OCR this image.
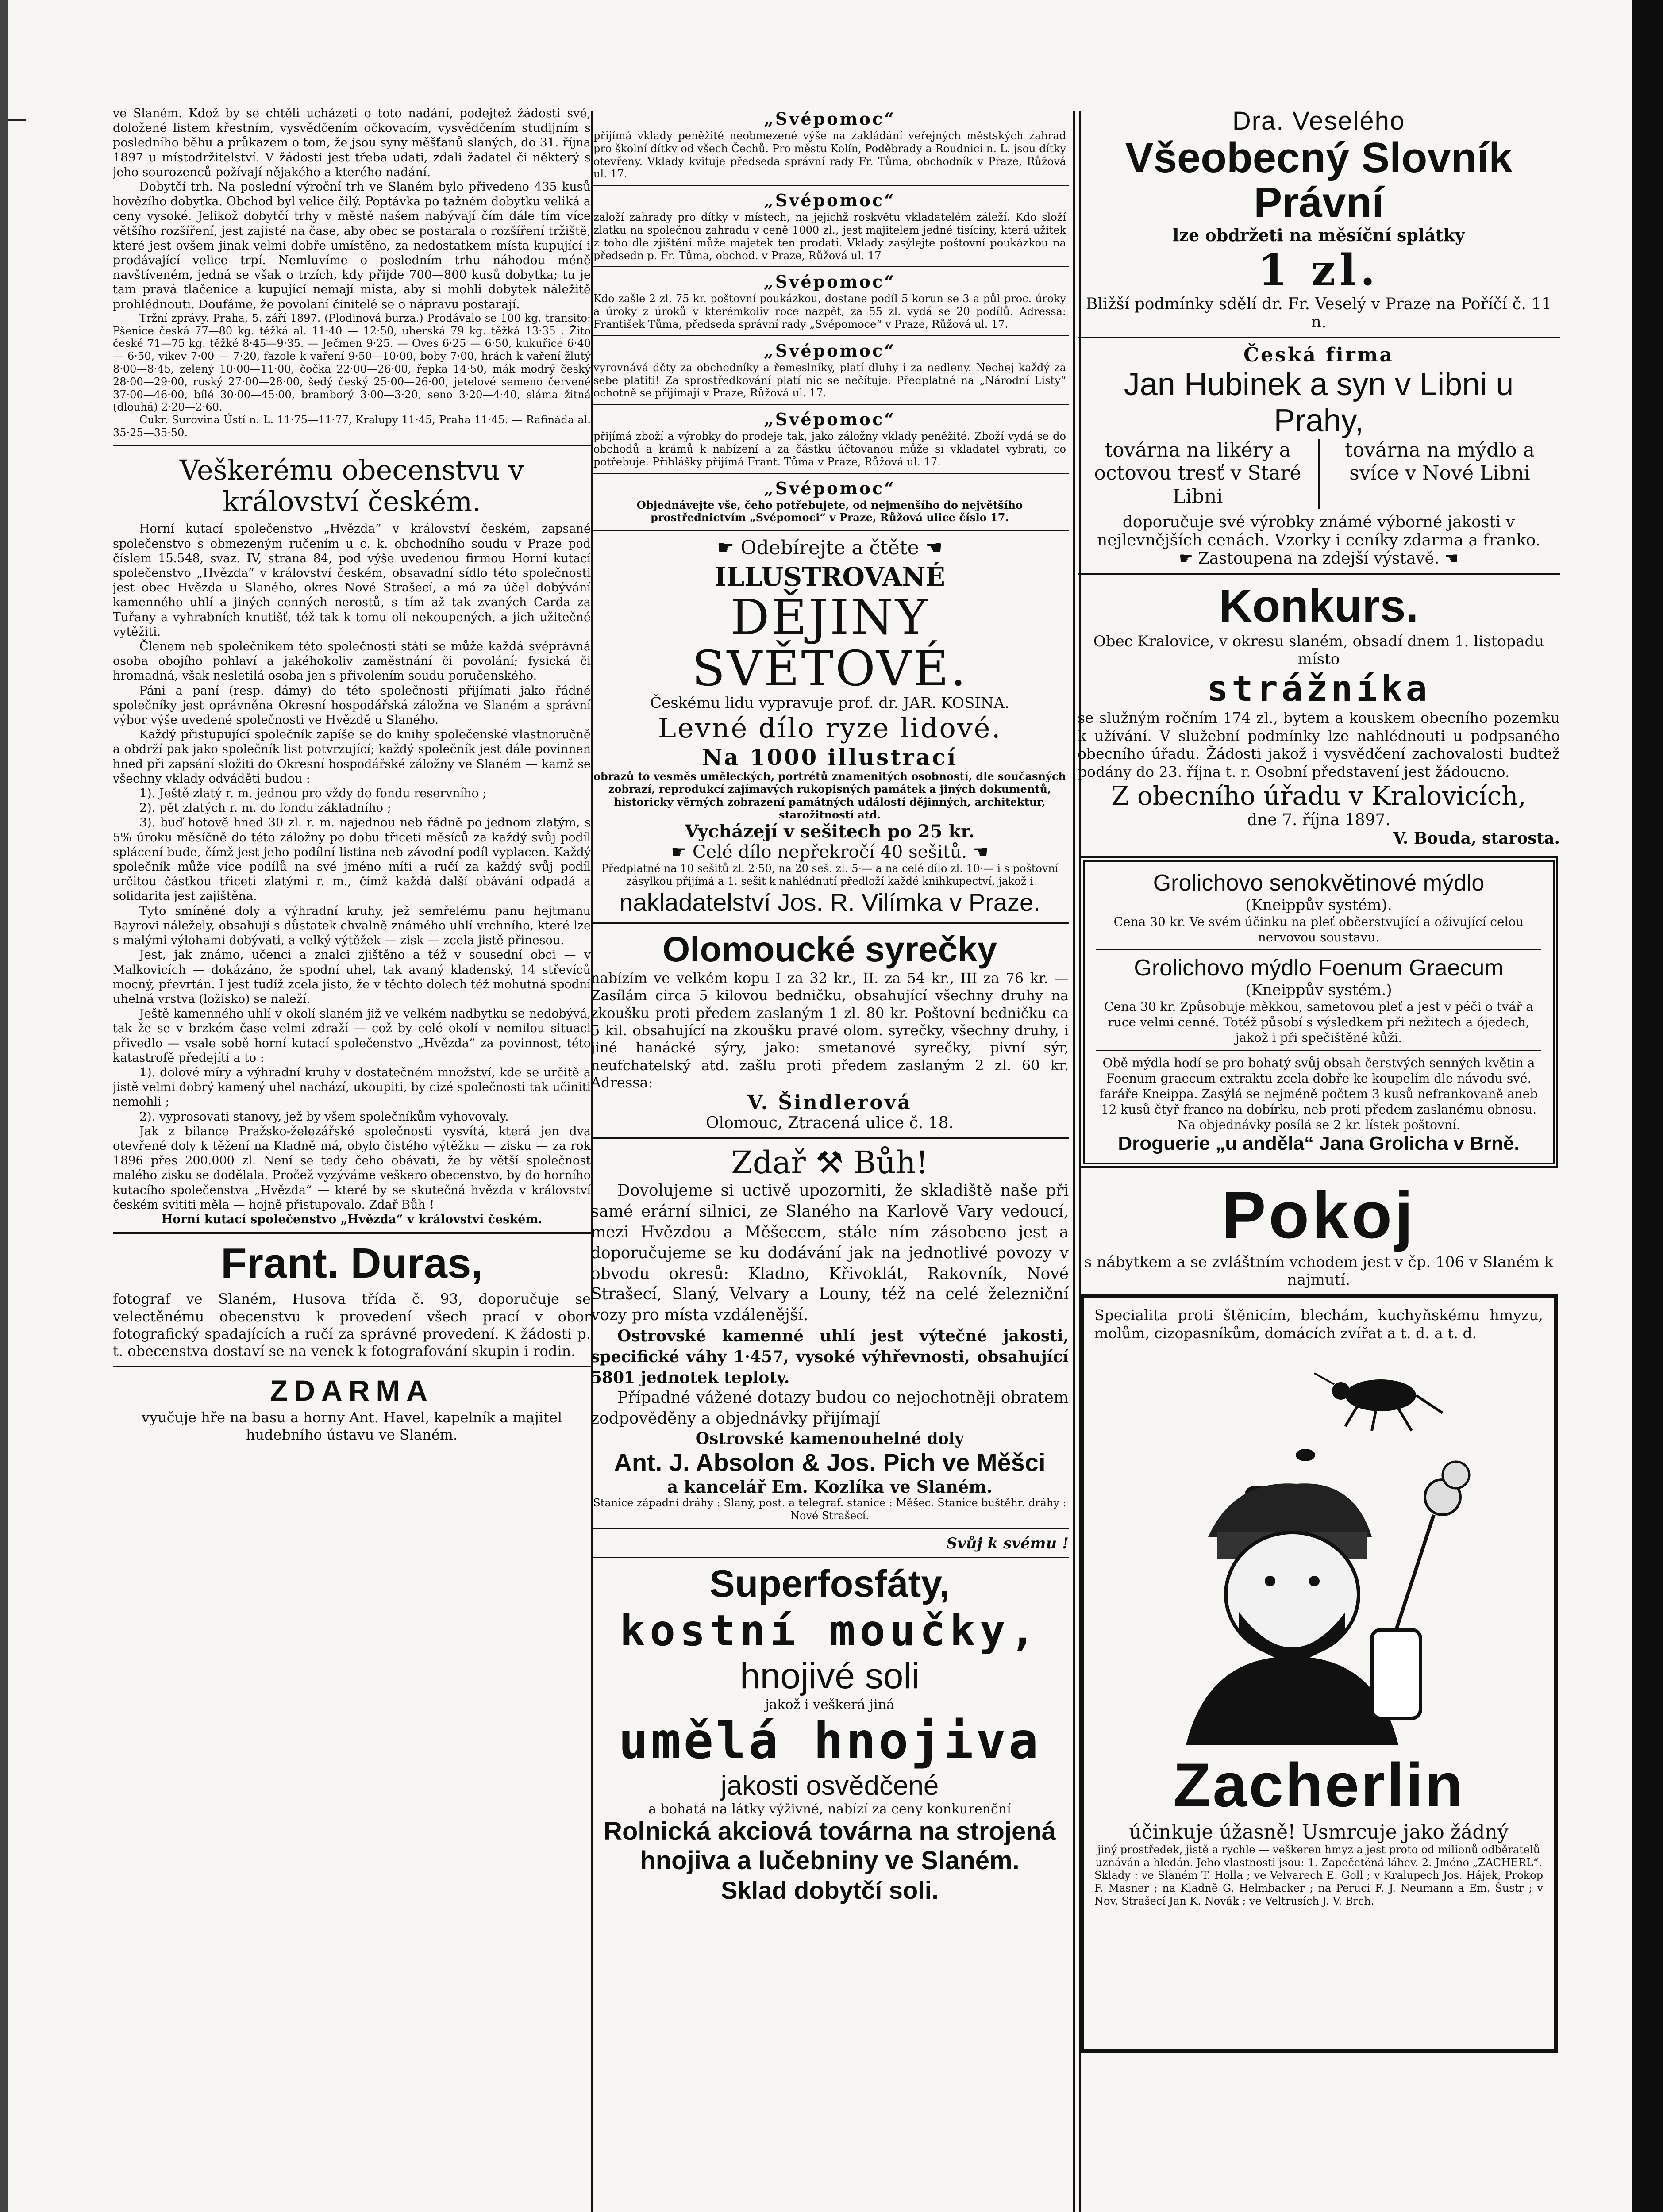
ve Slaném. Kdož by se chtěli ucházeti o toto nadání, podejtež žádosti své, doložené listem křestním, vysvědčením očkovacím, vysvědčením studijním s posledního běhu a průkazem o tom, že jsou syny měšťanů slaných, do 31. října 1897 u místodržitelství. V žádosti jest třeba udati, zdali žadatel či některý s jeho sourozenců požívají nějakého a kterého nadání.

Dobytčí trh. Na poslední výroční trh ve Slaném bylo přivedeno 435 kusů hovězího dobytka. Obchod byl velice čilý. Poptávka po tažném dobytku veliká a ceny vysoké. Jelikož dobytčí trhy v městě našem nabývají čím dále tím více většího rozšíření, jest zajisté na čase, aby obec se postarala o rozšíření tržiště, které jest ovšem jinak velmi dobře umístěno, za nedostatkem místa kupující i prodávající velice trpí. Nemluvíme o posledním trhu náhodou méně navštíveném, jedná se však o trzích, kdy přijde 700—800 kusů dobytka; tu je tam pravá tlačenice a kupující nemají místa, aby si mohli dobytek náležitě prohlédnouti. Doufáme, že povolaní činitelé se o nápravu postarají.

Tržní zprávy. Praha, 5. září 1897. (Plodinová burza.) Prodávalo se 100 kg. transito: Pšenice česká 77—80 kg. těžká al. 11·40 — 12·50, uherská 79 kg. těžká 13·35 . Žito české 71—75 kg. těžké 8·45—9·35. — Ječmen 9·25. — Oves 6·25 — 6·50, kukuřice 6·40 — 6·50, vikev 7·00 — 7·20, fazole k vaření 9·50—10·00, boby 7·00, hrách k vaření žlutý 8·00—8·45, zelený 10·00—11·00, čočka 22·00—26·00, řepka 14·50, mák modrý český 28·00—29·00, ruský 27·00—28·00, šedý český 25·00—26·00, jetelové semeno červené 37·00—46·00, bílé 30·00—45·00, bramborý 3·00—3·20, seno 3·20—4·40, sláma žitná (dlouhá) 2·20—2·60.

Cukr. Surovina Ústí n. L. 11·75—11·77, Kralupy 11·45, Praha 11·45. — Rafináda al. 35·25—35·50.

Veškerému obecenstvu v království českém.

Horní kutací společenstvo „Hvězda“ v království českém, zapsané společenstvo s obmezeným ručením u c. k. obchodního soudu v Praze pod číslem 15.548, svaz. IV, strana 84, pod výše uvedenou firmou Horní kutací společenstvo „Hvězda“ v království českém, obsavadní sídlo této společnosti jest obec Hvězda u Slaného, okres Nové Strašecí, a má za účel dobývání kamenného uhlí a jiných cenných nerostů, s tím až tak zvaných Carda za Tuřany a vyhrabních knutišť, též tak k tomu oli nekoupených, a jich užitečné vytěžiti.

Členem neb společníkem této společnosti státi se může každá svéprávná osoba obojího pohlaví a jakéhokoliv zaměstnání či povolání; fysická či hromadná, však nesletilá osoba jen s přivolením soudu poručenského.

Páni a paní (resp. dámy) do této společnosti přijímati jako řádné společníky jest oprávněna Okresní hospodářská záložna ve Slaném a správní výbor výše uvedené společnosti ve Hvězdě u Slaného.

Každý přistupující společník zapíše se do knihy společenské vlastnoručně a obdrží pak jako společník list potvrzující; každý společník jest dále povinnen hned při zapsání složiti do Okresní hospodářské záložny ve Slaném — kamž se všechny vklady odváděti budou :

1). Ještě zlatý r. m. jednou pro vždy do fondu reservního ;

2). pět zlatých r. m. do fondu základního ;

3). buď hotově hned 30 zl. r. m. najednou neb řádně po jednom zlatým, s 5% úroku měsíčně do této záložny po dobu třiceti měsíců za každý svůj podíl splácení bude, čímž jest jeho podílní listina neb závodní podíl vyplacen. Každý společník může více podílů na své jméno míti a ručí za každý svůj podíl určitou částkou třiceti zlatými r. m., čímž každá další obávání odpadá a solidarita jest zajištěna.

Tyto smíněné doly a výhradní kruhy, jež semřelému panu hejtmanu Bayrovi náležely, obsahují s důstatek chvalně známého uhlí vrchního, které lze s malými výlohami dobývati, a velký výtěžek — zisk — zcela jistě přinesou.

Jest, jak známo, učenci a znalci zjištěno a též v sousední obci — v Malkovicích — dokázáno, že spodní uhel, tak avaný kladenský, 14 střevíců mocný, převrtán. I jest tudíž zcela jisto, že v těchto dolech též mohutná spodní uhelná vrstva (ložisko) se naleží.

Ještě kamenného uhlí v okolí slaném již ve velkém nadbytku se nedobývá, tak že se v brzkém čase velmi zdraží — což by celé okolí v nemilou situaci přivedlo — vsale sobě horní kutací společenstvo „Hvězda“ za povinnost, této katastrofě předejíti a to :

1). dolové míry a výhradní kruhy v dostatečném množství, kde se určitě a jistě velmi dobrý kamený uhel nachází, ukoupiti, by cizé společnosti tak učiniti nemohli ;

2). vyprosovati stanovy, jež by všem společníkům vyhovovaly.

Jak z bilance Pražsko-železářské společnosti vysvítá, která jen dva otevřené doly k těžení na Kladně má, obylo čistého výtěžku — zisku — za rok 1896 přes 200.000 zl. Není se tedy čeho obávati, že by větší společnost malého zisku se dodělala. Pročež vyzýváme veškero obecenstvo, by do horního kutacího společenstva „Hvězda“ — které by se skutečná hvězda v království českém svititi měla — hojně přistupovalo. Zdař Bůh !

Horní kutací společenstvo „Hvězda“ v království českém.

Frant. Duras,

fotograf ve Slaném, Husova třída č. 93, doporučuje se velectěnému obecenstvu k provedení všech prací v obor fotografický spadajících a ručí za správné provedení. K žádosti p. t. obecenstva dostaví se na venek k fotografování skupin i rodin.

ZDARMA

vyučuje hře na basu a horny Ant. Havel, kapelník a majitel hudebního ústavu ve Slaném.

„Svépomoc“

přijímá vklady peněžité neobmezené výše na zakládání veřejných městských zahrad pro školní dítky od všech Čechů. Pro městu Kolín, Poděbrady a Roudnici n. L. jsou dítky otevřeny. Vklady kvituje předseda správní rady Fr. Tůma, obchodník v Praze, Růžová ul. 17.

„Svépomoc“

založí zahrady pro dítky v místech, na jejichž roskvětu vkladatelém záleží. Kdo složí zlatku na společnou zahradu v ceně 1000 zl., jest majitelem jedné tisíciny, která užitek z toho dle zjištění může majetek ten prodati. Vklady zasýlejte poštovní poukázkou na předsedn p. Fr. Tůma, obchod. v Praze, Růžová ul. 17

„Svépomoc“

Kdo zašle 2 zl. 75 kr. poštovní poukázkou, dostane podíl 5 korun se 3 a půl proc. úroky a úroky z úroků v kterémkoliv roce nazpět, za 55 zl. vydá se 20 podílů. Adressa: František Tůma, předseda správní rady „Svépomoce“ v Praze, Růžová ul. 17.

„Svépomoc“

vyrovnává dčty za obchodníky a řemeslníky, platí dluhy i za nedleny. Nechej každý za sebe platiti! Za sprostředkování platí nic se nečítuje. Předplatné na „Národní Listy“ ochotně se přijímají v Praze, Růžová ul. 17.

„Svépomoc“

přijímá zboží a výrobky do prodeje tak, jako záložny vklady peněžité. Zboží vydá se do obchodů a krámů k nabízení a za částku účtovanou může si vkladatel vybrati, co potřebuje. Přihlášky přijímá Frant. Tůma v Praze, Růžová ul. 17.

„Svépomoc“

Objednávejte vše, čeho potřebujete, od nejmenšího do největšího prostřednictvím „Svépomoci“ v Praze, Růžová ulice číslo 17.

☛ Odebírejte a čtěte ☚

ILLUSTROVANÉ

DĚJINY SVĚTOVÉ.

Českému lidu vypravuje prof. dr. JAR. KOSINA.

Levné dílo ryze lidové.

Na 1000 illustrací

obrazů to vesměs uměleckých, portrétů znamenitých osobností, dle současných zobrazí, reprodukcí zajímavých rukopisných památek a jiných dokumentů, historicky věrných zobrazení památných událostí dějinných, architektur, starožitností atd.

Vycházejí v sešitech po 25 kr.

☛ Celé dílo nepřekročí 40 sešitů. ☚

Předplatné na 10 sešitů zl. 2·50, na 20 seš. zl. 5·— a na celé dílo zl. 10·— i s poštovní zásylkou přijímá a 1. sešit k nahlédnutí předloží každé knihkupectví, jakož i

nakladatelství Jos. R. Vilímka v Praze.

Olomoucké syrečky

nabízím ve velkém kopu I za 32 kr., II. za 54 kr., III za 76 kr. — Zasílám circa 5 kilovou bedničku, obsahující všechny druhy na zkoušku proti předem zaslaným 1 zl. 80 kr. Poštovní bedničku ca 5 kil. obsahující na zkoušku pravé olom. syrečky, všechny druhy, i jiné hanácké sýry, jako: smetanové syrečky, pivní sýr, neufchatelský atd. zašlu proti předem zaslaným 2 zl. 60 kr. Adressa:

V. Šindlerová

Olomouc, Ztracená ulice č. 18.

Zdař ⚒ Bůh!

Dovolujeme si uctivě upozorniti, že skladiště naše při samé erární silnici, ze Slaného na Karlově Vary vedoucí, mezi Hvězdou a Měšecem, stále ním zásobeno jest a doporučujeme se ku dodávání jak na jednotlivé povozy v obvodu okresů: Kladno, Křivoklát, Rakovník, Nové Strašecí, Slaný, Velvary a Louny, též na celé železniční vozy pro místa vzdálenější.

Ostrovské kamenné uhlí jest výtečné jakosti, specifické váhy 1·457, vysoké výhřevnosti, obsahující 5801 jednotek teploty.

Případné vážené dotazy budou co nejochotněji obratem zodpověděny a objednávky přijímají

Ostrovské kamenouhelné doly

Ant. J. Absolon & Jos. Pich ve Měšci

a kancelář Em. Kozlíka ve Slaném.

Stanice západní dráhy : Slaný, post. a telegraf. stanice : Měšec. Stanice buštěhr. dráhy : Nové Strašecí.

Svůj k svému !

Superfosfáty,

kostní moučky,

hnojivé soli

jakož i veškerá jiná

umělá hnojiva

jakosti osvědčené

a bohatá na látky výživné, nabízí za ceny konkurenční

Rolnická akciová továrna na strojená hnojiva a lučebniny ve Slaném.

Sklad dobytčí soli.

Dra. Veselého

Všeobecný Slovník Právní

lze obdržeti na měsíční splátky

1 zl.

Bližší podmínky sdělí dr. Fr. Veselý v Praze na Poříčí č. 11 n.

Česká firma

Jan Hubinek a syn v Libni u Prahy,

továrna na likéry a octovou tresť v Staré Libni
továrna na mýdlo a svíce v Nové Libni

doporučuje své výrobky známé výborné jakosti v nejlevnějších cenách. Vzorky i ceníky zdarma a franko.

☛ Zastoupena na zdejší výstavě. ☚

Konkurs.

Obec Kralovice, v okresu slaném, obsadí dnem 1. listopadu místo

strážníka

se služným ročním 174 zl., bytem a kouskem obecního pozemku k užívání. V služební podmínky lze nahlédnouti u podpsaného obecního úřadu. Žádosti jakož i vysvědčení zachovalosti budtež podány do 23. října t. r. Osobní představení jest žádoucno.

Z obecního úřadu v Kralovicích,

dne 7. října 1897.

V. Bouda, starosta.

Grolichovo senokvětinové mýdlo

(Kneippův systém).

Cena 30 kr. Ve svém účinku na pleť občerstvující a oživující celou nervovou soustavu.

Grolichovo mýdlo Foenum Graecum

(Kneippův systém.)

Cena 30 kr. Způsobuje měkkou, sametovou pleť a jest v péči o tvář a ruce velmi cenné. Totéž působí s výsledkem při nežitech a ójedech, jakož i při spečištěné kůži.

Obě mýdla hodí se pro bohatý svůj obsah čerstvých senných květin a Foenum graecum extraktu zcela dobře ke koupelím dle návodu své. faráře Kneippa. Zasýlá se nejméně počtem 3 kusů nefrankovaně aneb 12 kusů čtyř franco na dobírku, neb proti předem zaslanému obnosu. Na objednávky posílá se 2 kr. lístek poštovní.

Droguerie „u anděla“ Jana Grolicha v Brně.

Pokoj

s nábytkem a se zvláštním vchodem jest v čp. 106 v Slaném k najmutí.

Specialita proti štěnicím, blechám, kuchyňskému hmyzu, molům, cizopasníkům, domácích zvířat a t. d. a t. d.

Zacherlin

účinkuje úžasně! Usmrcuje jako žádný

jiný prostředek, jistě a rychle — veškeren hmyz a jest proto od milionů odběratelů uznáván a hledán. Jeho vlastnosti jsou: 1. Zapečetěná láhev. 2. Jméno „ZACHERL“.

Sklady : ve Slaném T. Holla ; ve Velvarech E. Goll ; v Kralupech Jos. Hájek, Prokop F. Masner ; na Kladně G. Helmbacker ; na Peruci F. J. Neumann a Em. Šustr ; v Nov. Strašecí Jan K. Novák ; ve Veltrusích J. V. Brch.
